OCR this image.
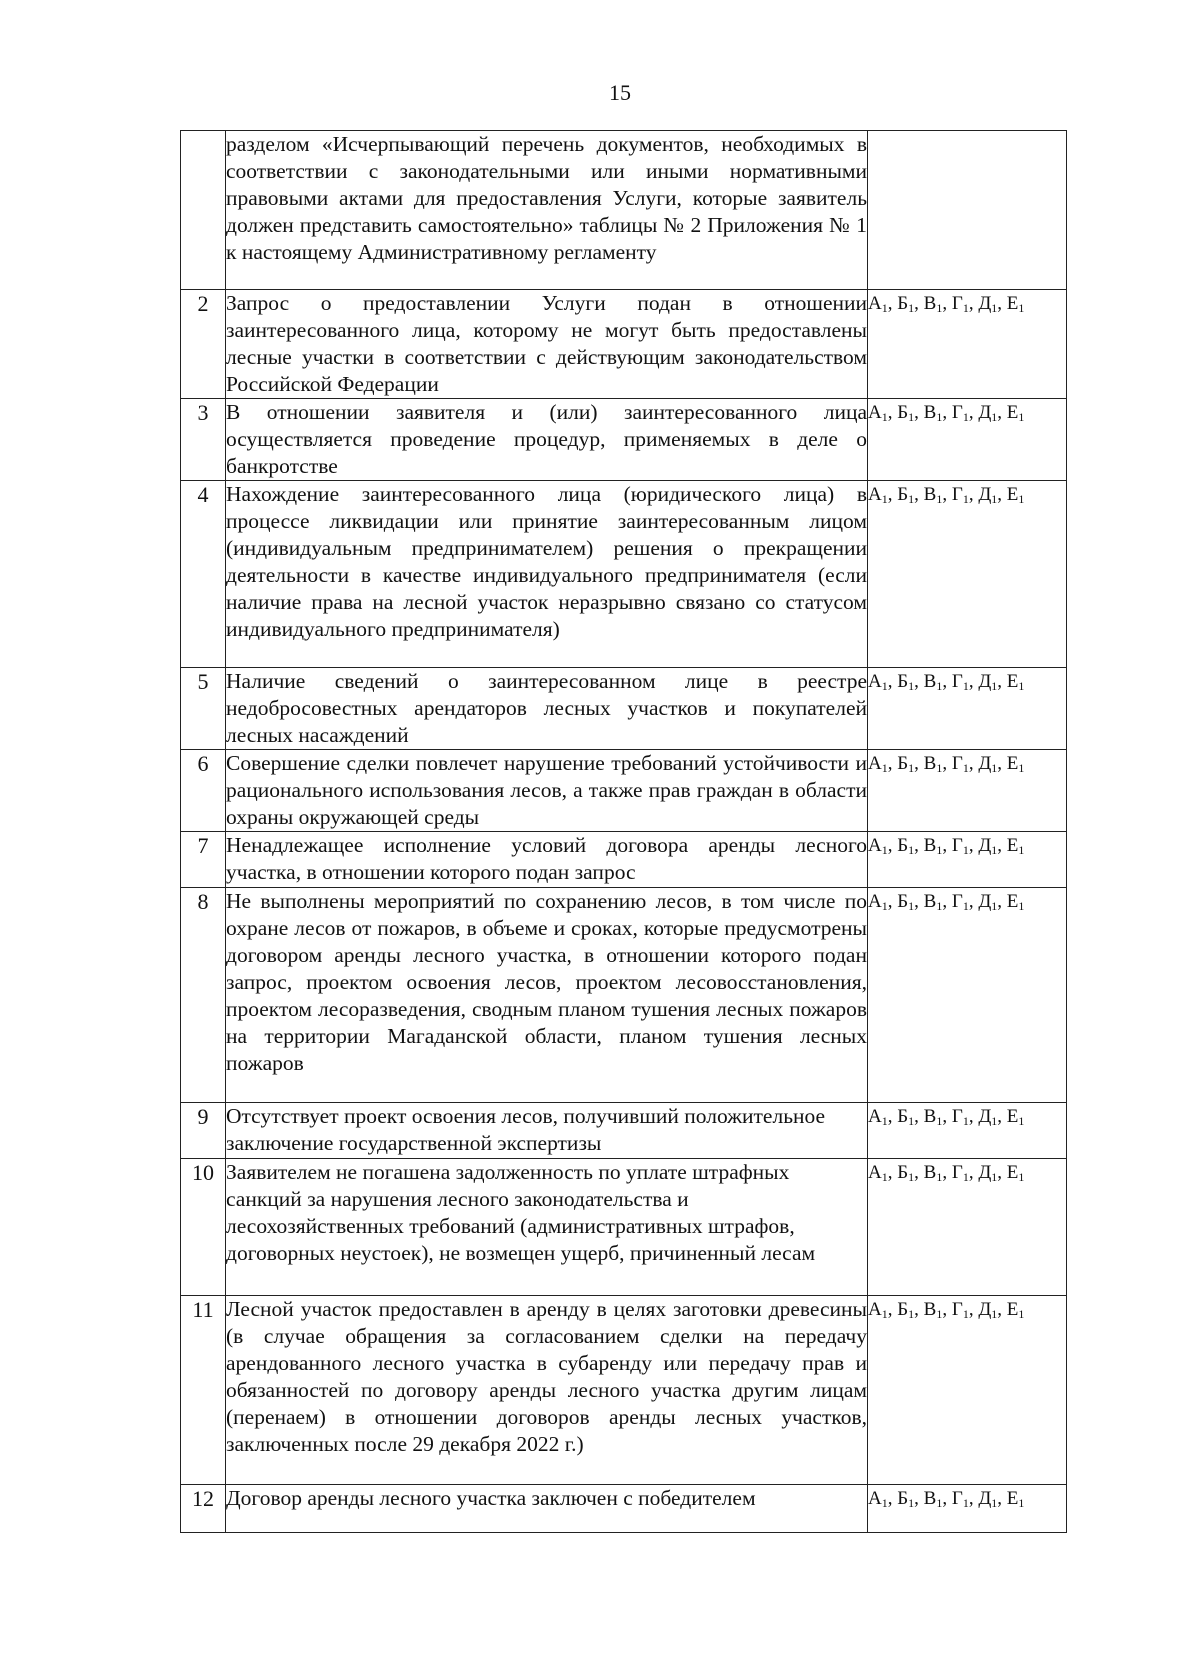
15
	разделом «Исчерпывающий перечень документов, необходимых в соответствии с законодательными или иными нормативными правовыми актами для предоставления Услуги, которые заявитель должен представить самостоятельно» таблицы № 2 Приложения № 1 к настоящему Административному регламенту	
2	Запрос о предоставлении Услуги подан в отношении заинтересованного лица, которому не могут быть предоставлены лесные участки в соответствии с действующим законодательством Российской Федерации	$А_1$, $Б_1$, $В_1$, $Г_1$, $Д_1$, $Е_1$
3	В отношении заявителя и (или) заинтересованного лица осуществляется проведение процедур, применяемых в деле о банкротстве	$А_1$, $Б_1$, $В_1$, $Г_1$, $Д_1$, $Е_1$
4	Нахождение заинтересованного лица (юридического лица) в процессе ликвидации или принятие заинтересованным лицом (индивидуальным предпринимателем) решения о прекращении деятельности в качестве индивидуального предпринимателя (если наличие права на лесной участок неразрывно связано со статусом индивидуального предпринимателя)	$А_1$, $Б_1$, $В_1$, $Г_1$, $Д_1$, $Е_1$
5	Наличие сведений о заинтересованном лице в реестре недобросовестных арендаторов лесных участков и покупателей лесных насаждений	$А_1$, $Б_1$, $В_1$, $Г_1$, $Д_1$, $Е_1$
6	Совершение сделки повлечет нарушение требований устойчивости и рационального использования лесов, а также прав граждан в области охраны окружающей среды	$А_1$, $Б_1$, $В_1$, $Г_1$, $Д_1$, $Е_1$
7	Ненадлежащее исполнение условий договора аренды лесного участка, в отношении которого подан запрос	$А_1$, $Б_1$, $В_1$, $Г_1$, $Д_1$, $Е_1$
8	Не выполнены мероприятий по сохранению лесов, в том числе по охране лесов от пожаров, в объеме и сроках, которые предусмотрены договором аренды лесного участка, в отношении которого подан запрос, проектом освоения лесов, проектом лесовосстановления, проектом лесоразведения, сводным планом тушения лесных пожаров на территории Магаданской области, планом тушения лесных пожаров	$А_1$, $Б_1$, $В_1$, $Г_1$, $Д_1$, $Е_1$
9	Отсутствует проект освоения лесов, получивший положительное заключение государственной экспертизы	$А_1$, $Б_1$, $В_1$, $Г_1$, $Д_1$, $Е_1$
10	Заявителем не погашена задолженность по уплате штрафных санкций за нарушения лесного законодательства и лесохозяйственных требований (административных штрафов, договорных неустоек), не возмещен ущерб, причиненный лесам	$А_1$, $Б_1$, $В_1$, $Г_1$, $Д_1$, $Е_1$
11	Лесной участок предоставлен в аренду в целях заготовки древесины (в случае обращения за согласованием сделки на передачу арендованного лесного участка в субаренду или передачу прав и обязанностей по договору аренды лесного участка другим лицам (перенаем) в отношении договоров аренды лесных участков, заключенных после 29 декабря 2022 г.)	$А_1$, $Б_1$, $В_1$, $Г_1$, $Д_1$, $Е_1$
12	Договор аренды лесного участка заключен с победителем	$А_1$, $Б_1$, $В_1$, $Г_1$, $Д_1$, $Е_1$
